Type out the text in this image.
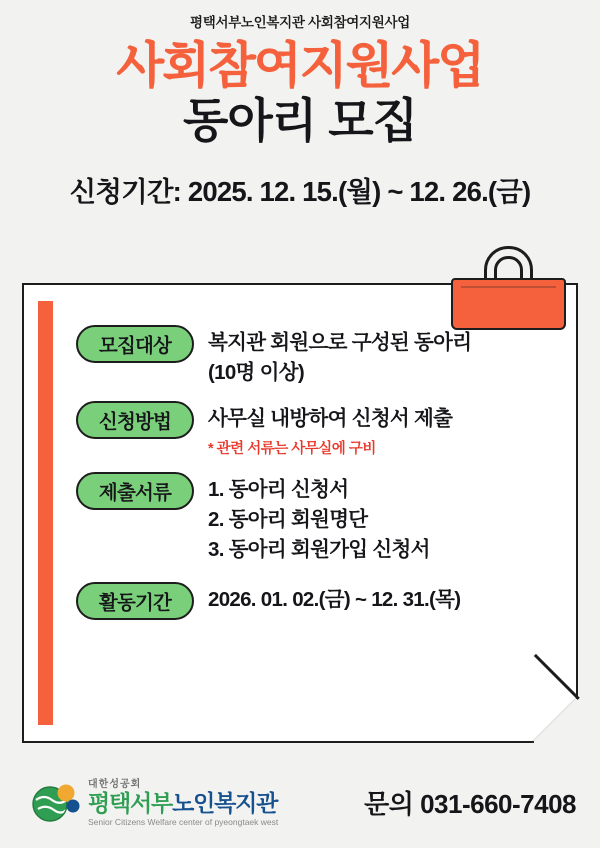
평택서부노인복지관 사회참여지원사업
사회참여지원사업
동아리 모집
신청기간: 2025. 12. 15.(월) ~ 12. 26.(금)
모집대상	복지관 회원으로 구성된 동아리
(10명 이상)
신청방법	사무실 내방하여 신청서 제출
* 관련 서류는 사무실에 구비
제출서류	1. 동아리 신청서
2. 동아리 회원명단
3. 동아리 회원가입 신청서
활동기간	2026. 01. 02.(금) ~ 12. 31.(목)
대한성공회
평택서부노인복지관
Senior Citizens Welfare center of pyeongtaek west
문의 031-660-7408
